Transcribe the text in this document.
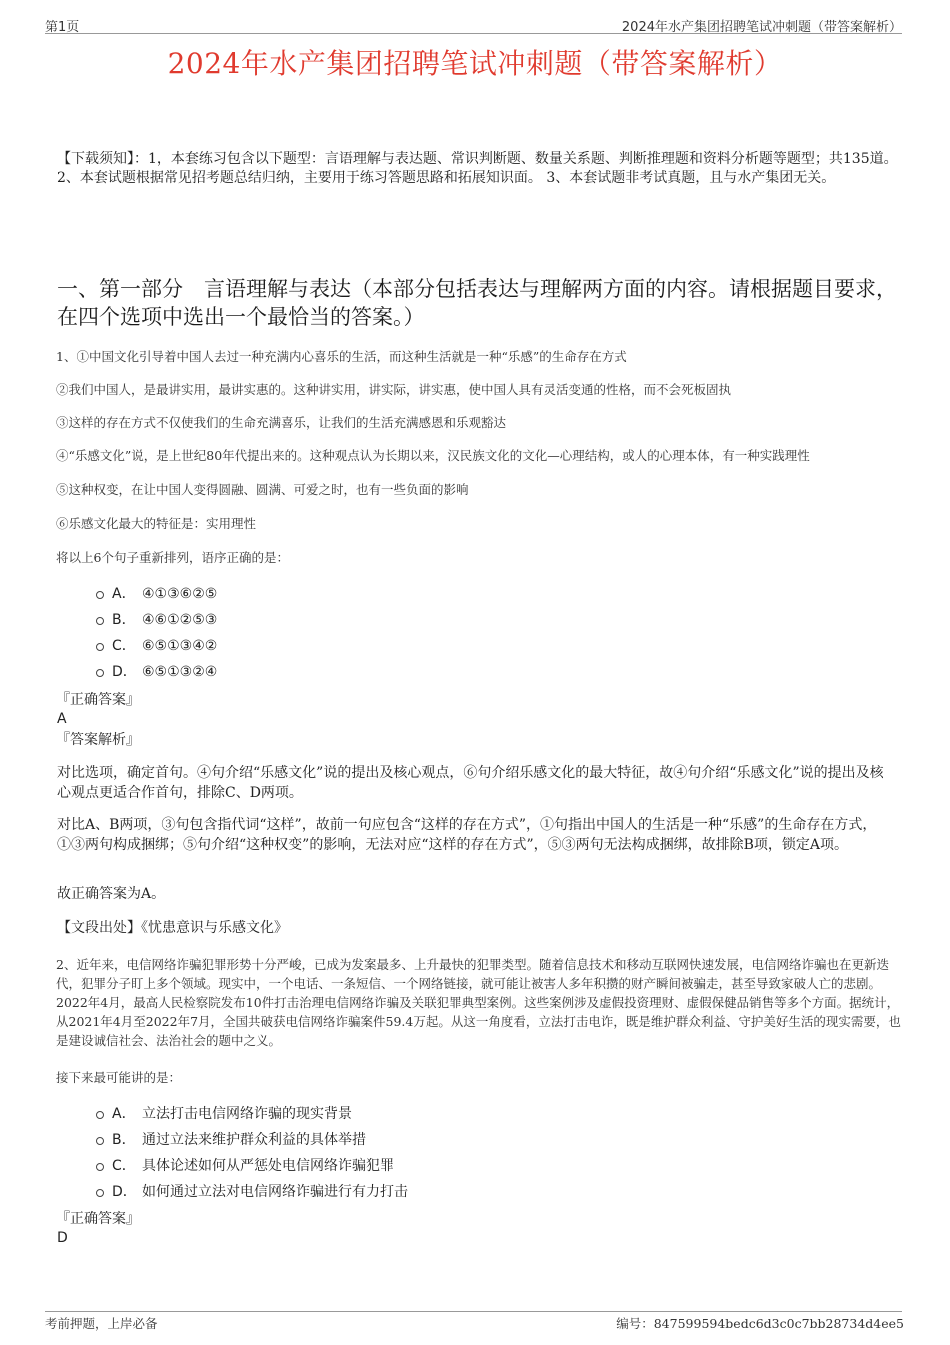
第1页	2024年水产集团招聘笔试冲刺题（带答案解析）
2024年水产集团招聘笔试冲刺题（带答案解析）
【下载须知】：1，本套练习包含以下题型：言语理解与表达题、常识判断题、数量关系题、判断推理题和资料分析题等题型；共135道。 2、本套试题根据常见招考题总结归纳，主要用于练习答题思路和拓展知识面。 3、本套试题非考试真题，且与水产集团无关。
一、第一部分　言语理解与表达（本部分包括表达与理解两方面的内容。请根据题目要求，在四个选项中选出一个最恰当的答案。）
1、①中国文化引导着中国人去过一种充满内心喜乐的生活，而这种生活就是一种“乐感”的生命存在方式
②我们中国人，是最讲实用，最讲实惠的。这种讲实用，讲实际，讲实惠，使中国人具有灵活变通的性格，而不会死板固执
③这样的存在方式不仅使我们的生命充满喜乐，让我们的生活充满感恩和乐观豁达
④“乐感文化”说，是上世纪80年代提出来的。这种观点认为长期以来，汉民族文化的文化—心理结构，或人的心理本体，有一种实践理性
⑤这种权变，在让中国人变得圆融、圆满、可爱之时，也有一些负面的影响
⑥乐感文化最大的特征是：实用理性
将以上6个句子重新排列，语序正确的是：
A． ④①③⑥②⑤
B． ④⑥①②⑤③
C． ⑥⑤①③④②
D． ⑥⑤①③②④
『正确答案』
A
『答案解析』
对比选项，确定首句。④句介绍“乐感文化”说的提出及核心观点，⑥句介绍乐感文化的最大特征，故④句介绍“乐感文化”说的提出及核心观点更适合作首句，排除C、D两项。
对比A、B两项，③句包含指代词“这样”，故前一句应包含“这样的存在方式”，①句指出中国人的生活是一种“乐感”的生命存在方式，①③两句构成捆绑；⑤句介绍“这种权变”的影响，无法对应“这样的存在方式”，⑤③两句无法构成捆绑，故排除B项，锁定A项。
故正确答案为A。
【文段出处】《忧患意识与乐感文化》
2、近年来，电信网络诈骗犯罪形势十分严峻，已成为发案最多、上升最快的犯罪类型。随着信息技术和移动互联网快速发展，电信网络诈骗也在更新迭代，犯罪分子盯上多个领域。现实中，一个电话、一条短信、一个网络链接，就可能让被害人多年积攒的财产瞬间被骗走，甚至导致家破人亡的悲剧。2022年4月，最高人民检察院发布10件打击治理电信网络诈骗及关联犯罪典型案例。这些案例涉及虚假投资理财、虚假保健品销售等多个方面。据统计，从2021年4月至2022年7月，全国共破获电信网络诈骗案件59.4万起。从这一角度看，立法打击电诈，既是维护群众利益、守护美好生活的现实需要，也是建设诚信社会、法治社会的题中之义。
接下来最可能讲的是：
A． 立法打击电信网络诈骗的现实背景
B． 通过立法来维护群众利益的具体举措
C． 具体论述如何从严惩处电信网络诈骗犯罪
D． 如何通过立法对电信网络诈骗进行有力打击
『正确答案』
D
考前押题，上岸必备	编号：847599594bedc6d3c0c7bb28734d4ee5
